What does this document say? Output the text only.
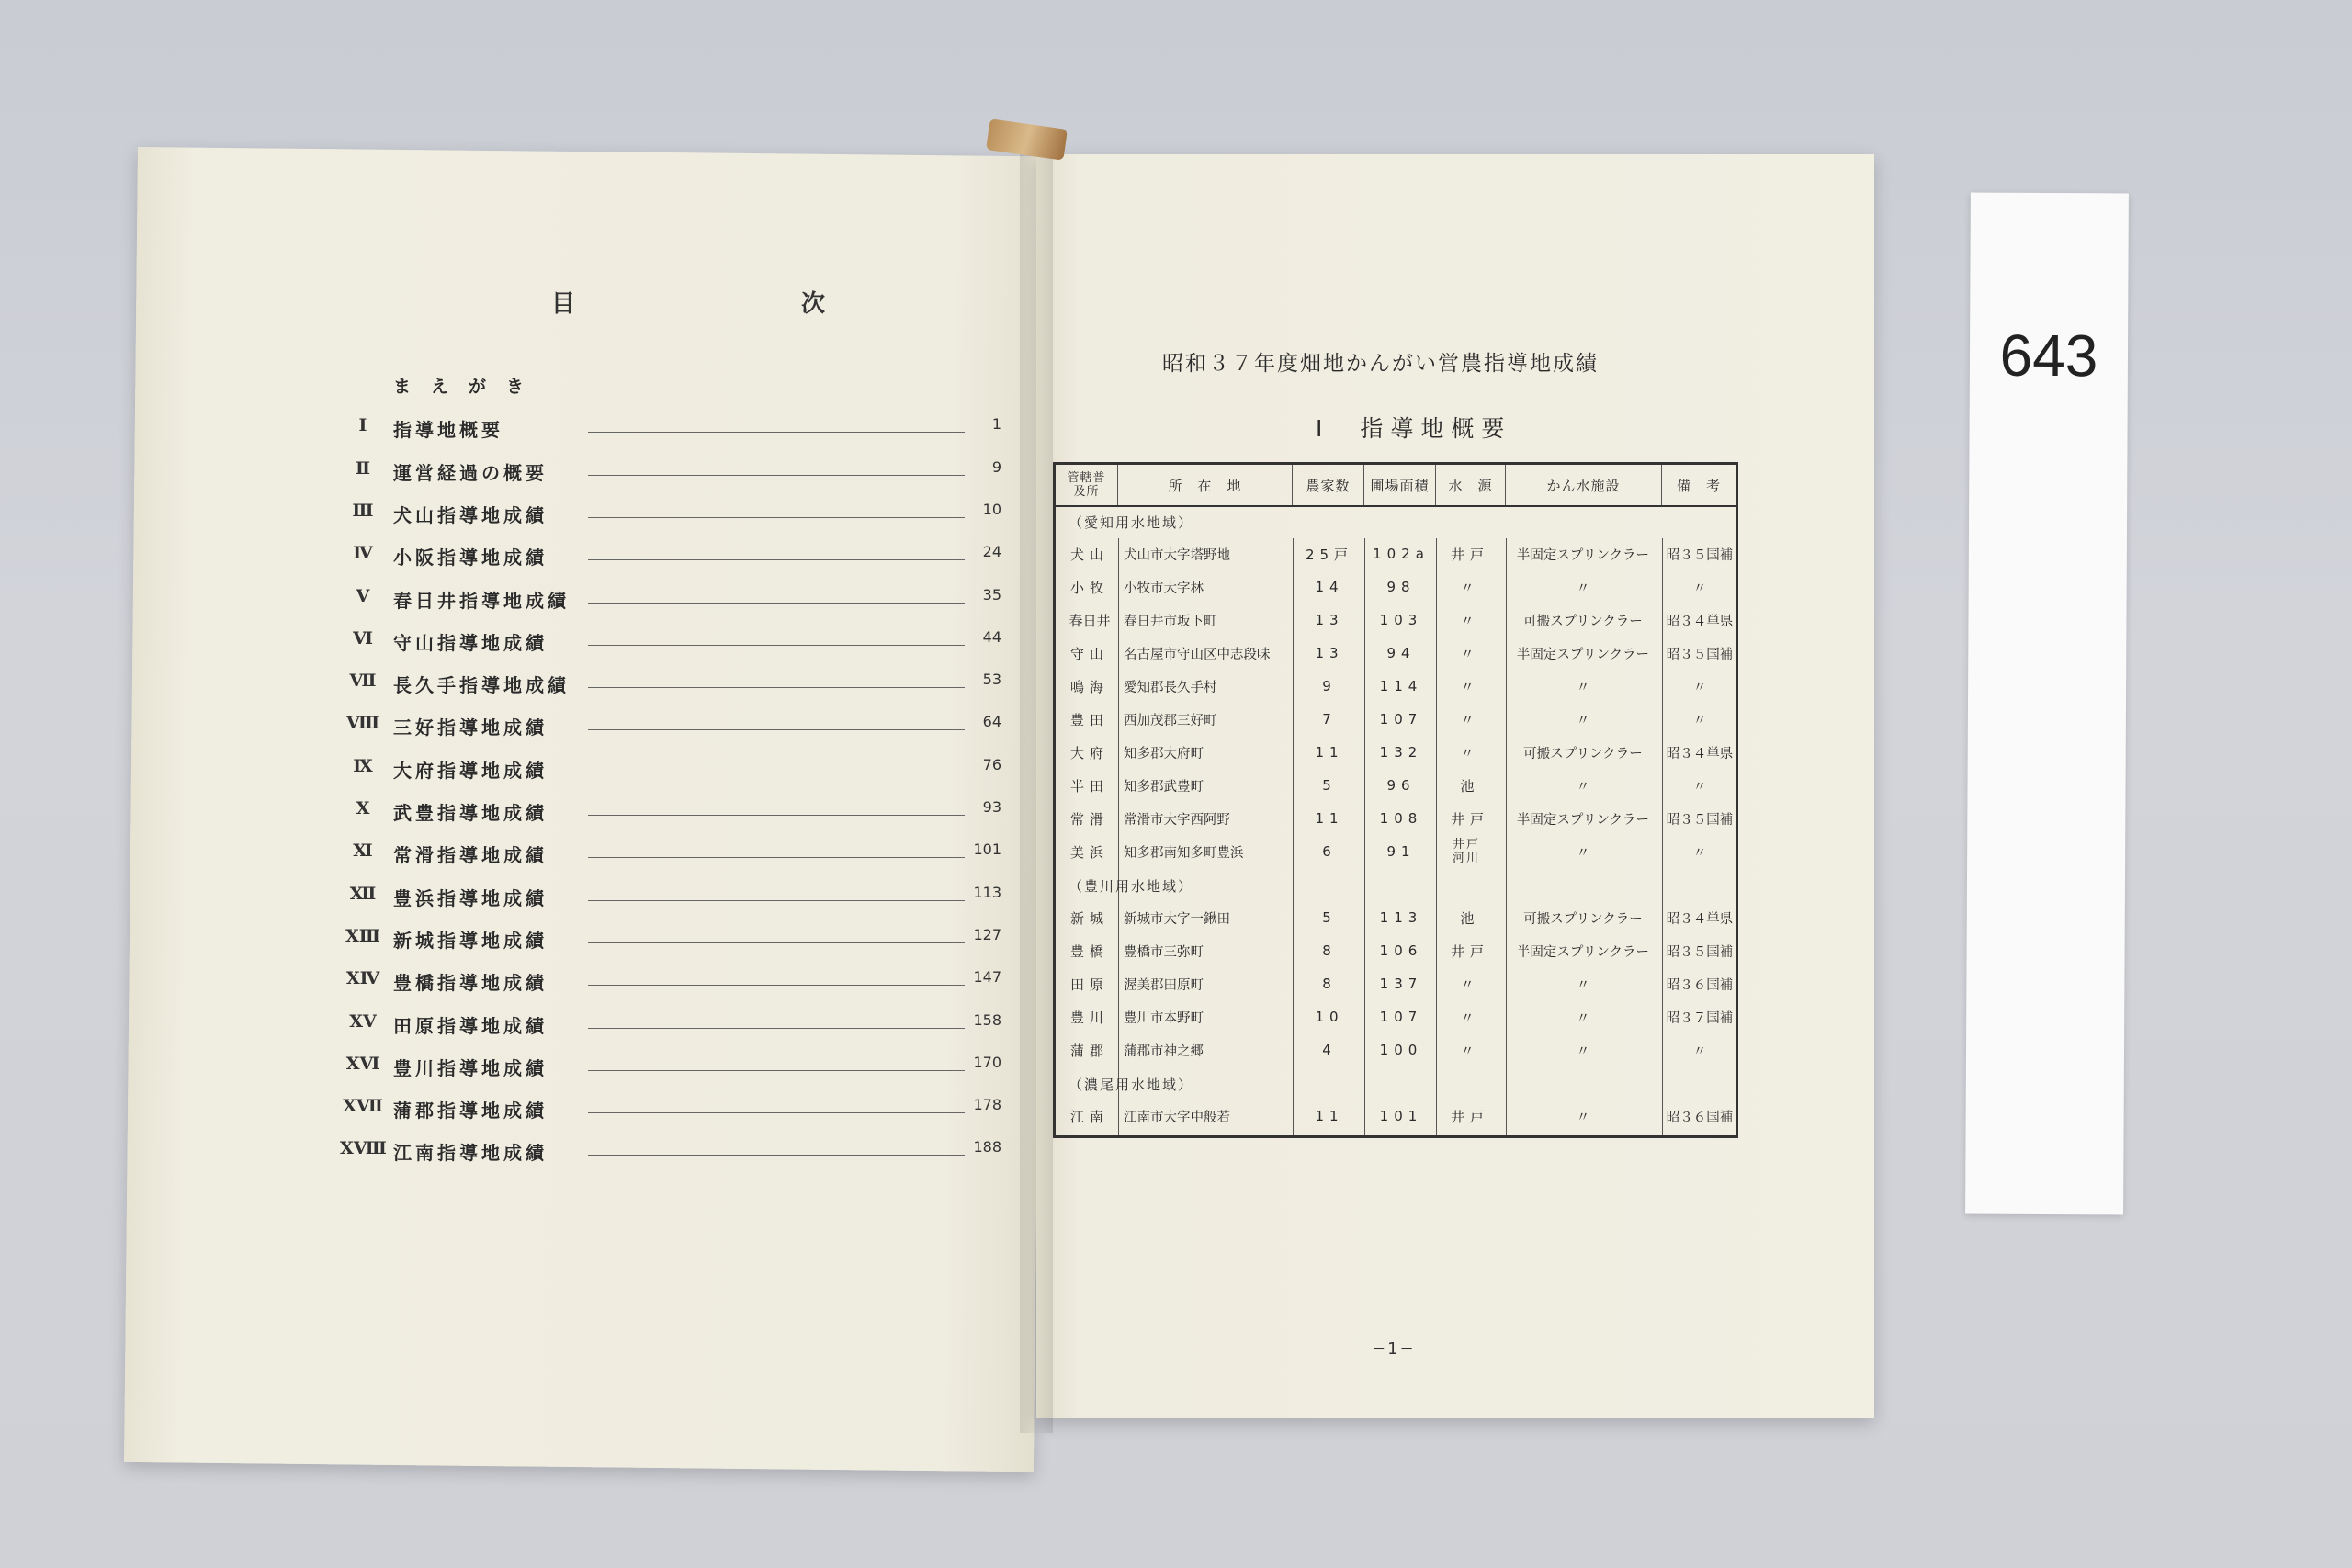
目　次
まえがき
Ⅰ	指導地概要	1
Ⅱ	運営経過の概要	9
Ⅲ	犬山指導地成績	10
Ⅳ	小阪指導地成績	24
Ⅴ	春日井指導地成績	35
Ⅵ	守山指導地成績	44
Ⅶ 長久手指導地成績	53
Ⅷ 三好指導地成績	64
Ⅸ	大府指導地成績	76
Ⅹ	武豊指導地成績	93
Ⅺ	常滑指導地成績	101
Ⅻ 豊浜指導地成績	113
XⅢ 新城指導地成績	127
XⅣ 豊橋指導地成績	147
XⅤ 田原指導地成績	158
XⅥ 豊川指導地成績	170
XⅦ 蒲郡指導地成績	178
XⅧ 江南指導地成績	188
昭和３７年度畑地かんがい営農指導地成績
Ⅰ　指導地概要
管轄普及所	所　在　地	農家数	圃場面積	水　源	かん水施設	備　考
（愛知用水地域）
犬山	犬山市大字塔野地	25戸	102a	井戸	半固定スプリンクラー	昭３５国補
小牧	小牧市大字林	14	98	〃	〃	〃
春日井	春日井市坂下町	13	103	〃	可搬スプリンクラー	昭３４単県
守山	名古屋市守山区中志段味	13	94	〃	半固定スプリンクラー	昭３５国補
鳴海	愛知郡長久手村	9	114	〃	〃	〃
豊田	西加茂郡三好町	7	107	〃	〃	〃
大府	知多郡大府町	11	132	〃	可搬スプリンクラー	昭３４単県
半田	知多郡武豊町	5	96	池	〃	〃
常滑	常滑市大字西阿野	11	108	井戸	半固定スプリンクラー	昭３５国補
美浜	知多郡南知多町豊浜	6	91	井戸河川	〃	〃
（豊川用水地域）
新城	新城市大字一鍬田	5	113	池	可搬スプリンクラー	昭３４単県
豊橋	豊橋市三弥町	8	106	井戸	半固定スプリンクラー	昭３５国補
田原	渥美郡田原町	8	137	〃	〃	昭３６国補
豊川	豊川市本野町	10	107	〃	〃	昭３７国補
蒲郡	蒲郡市神之郷	4	100	〃	〃	〃
（濃尾用水地域）
江南	江南市大字中般若	11	101	井戸	〃	昭３６国補
−1−
643
